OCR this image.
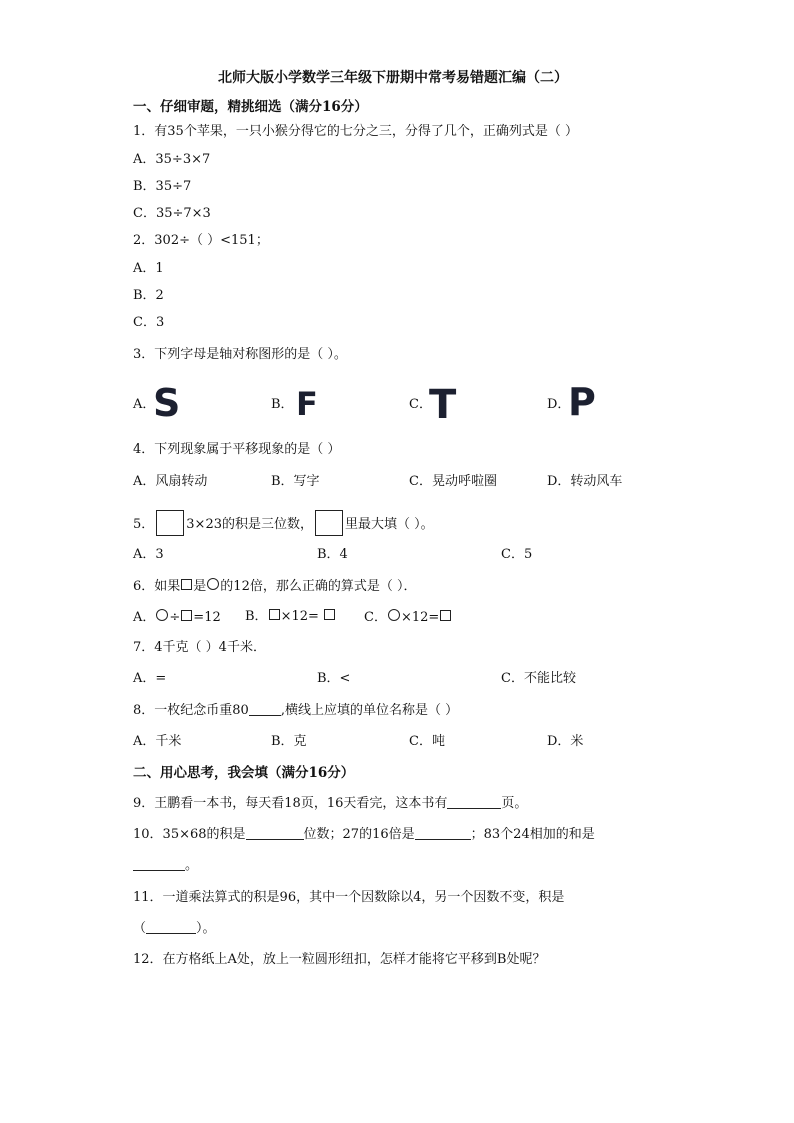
北师大版小学数学三年级下册期中常考易错题汇编（二）
一、仔细审题，精挑细选（满分16分）
1．有35个苹果，一只小猴分得它的七分之三，分得了几个，正确列式是（ ）
A．35÷3×7
B．35÷7
C．35÷7×3
2．302÷（ ）<151；
A．1
B．2
C．3
3．下列字母是轴对称图形的是（ ）。
A．
S	B． F	C．
T	D．
P
4．下列现象属于平移现象的是（ ）
A．风扇转动	B．写字	C．晃动呼啦圈	D．转动风车
5． 3×23的积是三位数， 里最大填（ ）。
A．3	B．4	C．5
6．如果 是 的12倍，那么正确的算式是（ ）．
A． ÷ =12 B． ×12=	C． ×12=
7．4千克（ ）4千米．
A．=	B．<	C．不能比较
8．一枚纪念币重80 ,横线上应填的单位名称是（ ）
A．千米	B．克	C．吨	D．米
二、用心思考，我会填（满分16分）
9．王鹏看一本书，每天看18页，16天看完，这本书有	页。
10．35×68的积是	位数；27的16倍是	；83个24相加的和是
。
11．一道乘法算式的积是96，其中一个因数除以4，另一个因数不变，积是
（	）。
12．在方格纸上A处，放上一粒圆形纽扣，怎样才能将它平移到B处呢？
